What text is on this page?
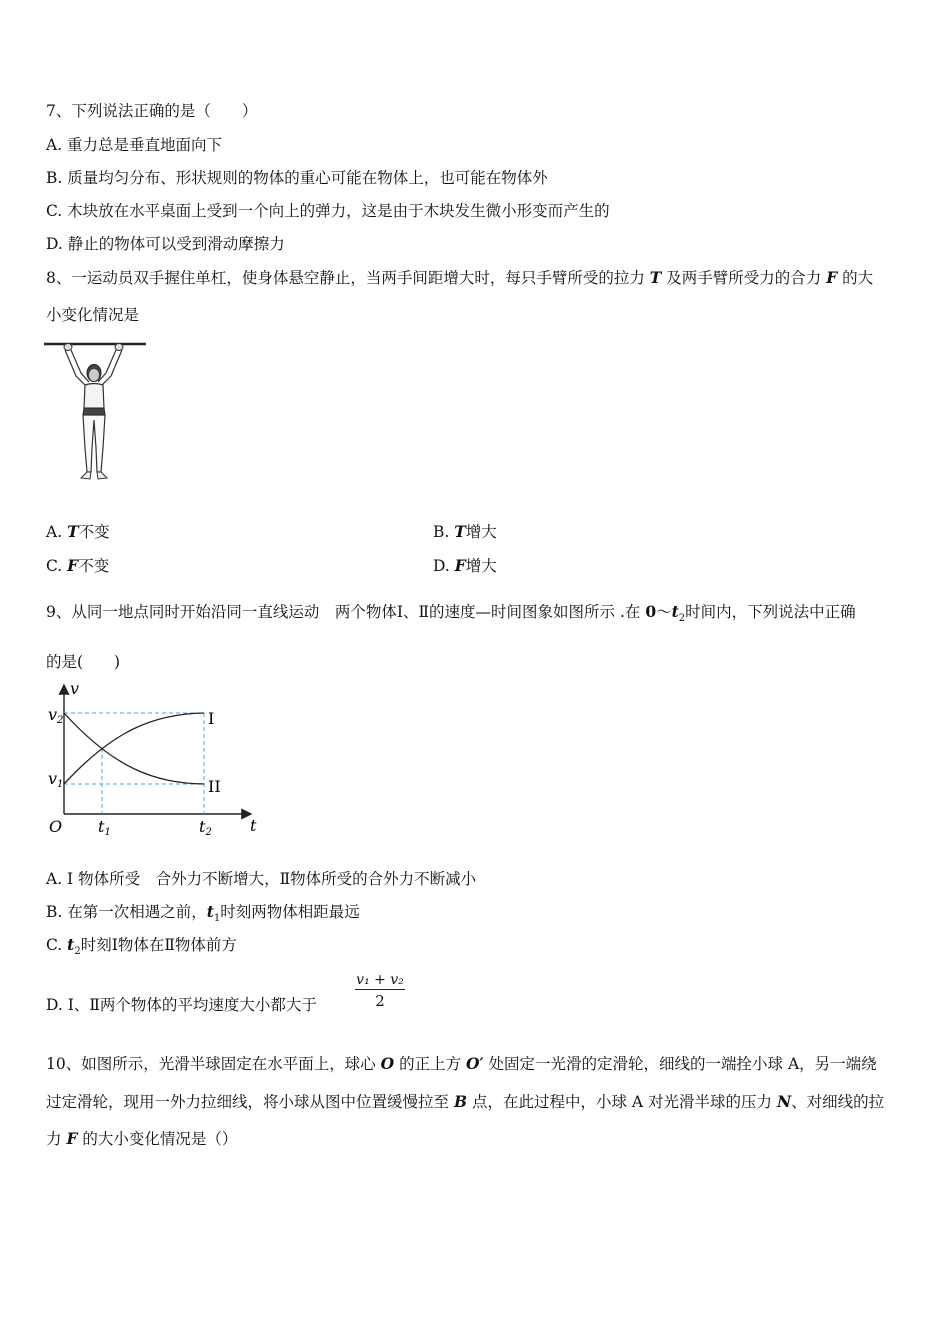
7、下列说法正确的是（　　）
A. 重力总是垂直地面向下
B. 质量均匀分布、形状规则的物体的重心可能在物体上，也可能在物体外
C. 木块放在水平桌面上受到一个向上的弹力，这是由于木块发生微小形变而产生的
D. 静止的物体可以受到滑动摩擦力
8、一运动员双手握住单杠，使身体悬空静止，当两手间距增大时，每只手臂所受的拉力 T 及两手臂所受力的合力 F 的大
小变化情况是
A. T不变	B. T增大
C. F不变	D. F增大
9、从同一地点同时开始沿同一直线运动　两个物体Ⅰ、Ⅱ的速度—时间图象如图所示 .在 $0\sim t_2$时间内，下列说法中正确
的是(　　)
v
t
O
v2
v1
t1	t2
I
II
A. Ⅰ 物体所受　合外力不断增大，Ⅱ物体所受的合外力不断减小
B. 在第一次相遇之前，$t_1$时刻两物体相距最远
C. $t_2$时刻Ⅰ物体在Ⅱ物体前方
D. Ⅰ、Ⅱ两个物体的平均速度大小都大于	$\frac{\text{v₁ + v₂}}{2}$
10、如图所示，光滑半球固定在水平面上，球心 O 的正上方 O′ 处固定一光滑的定滑轮，细线的一端拴小球 A，另一端绕
过定滑轮，现用一外力拉细线，将小球从图中位置缓慢拉至 B 点，在此过程中，小球 A 对光滑半球的压力 N、对细线的拉
力 F 的大小变化情况是（）
